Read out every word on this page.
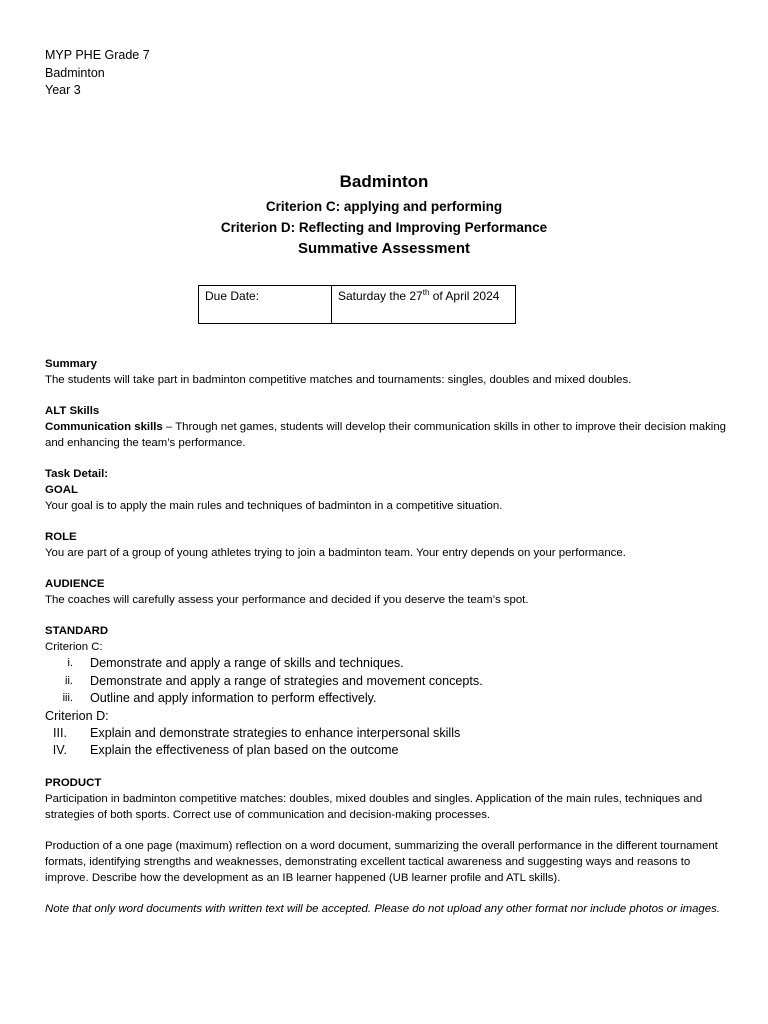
MYP PHE Grade 7
Badminton
Year 3
Badminton
Criterion C: applying and performing
Criterion D: Reflecting and Improving Performance
Summative Assessment
Due Date:	Saturday the 27th of April 2024

Summary

The students will take part in badminton competitive matches and tournaments: singles, doubles and mixed doubles.

ALT Skills

Communication skills – Through net games, students will develop their communication skills in other to improve their decision making and enhancing the team’s performance.

Task Detail:

GOAL

Your goal is to apply the main rules and techniques of badminton in a competitive situation.

ROLE

You are part of a group of young athletes trying to join a badminton team. Your entry depends on your performance.

AUDIENCE

The coaches will carefully assess your performance and decided if you deserve the team’s spot.

STANDARD

Criterion C:

i. Demonstrate and apply a range of skills and techniques.
ii. Demonstrate and apply a range of strategies and movement concepts.
iii. Outline and apply information to perform effectively.

Criterion D:

III. Explain and demonstrate strategies to enhance interpersonal skills
IV. Explain the effectiveness of plan based on the outcome

PRODUCT

Participation in badminton competitive matches: doubles, mixed doubles and singles. Application of the main rules, techniques and strategies of both sports. Correct use of communication and decision-making processes.

Production of a one page (maximum) reflection on a word document, summarizing the overall performance in the different tournament formats, identifying strengths and weaknesses, demonstrating excellent tactical awareness and suggesting ways and reasons to improve. Describe how the development as an IB learner happened (UB learner profile and ATL skills).

Note that only word documents with written text will be accepted. Please do not upload any other format nor include photos or images.
